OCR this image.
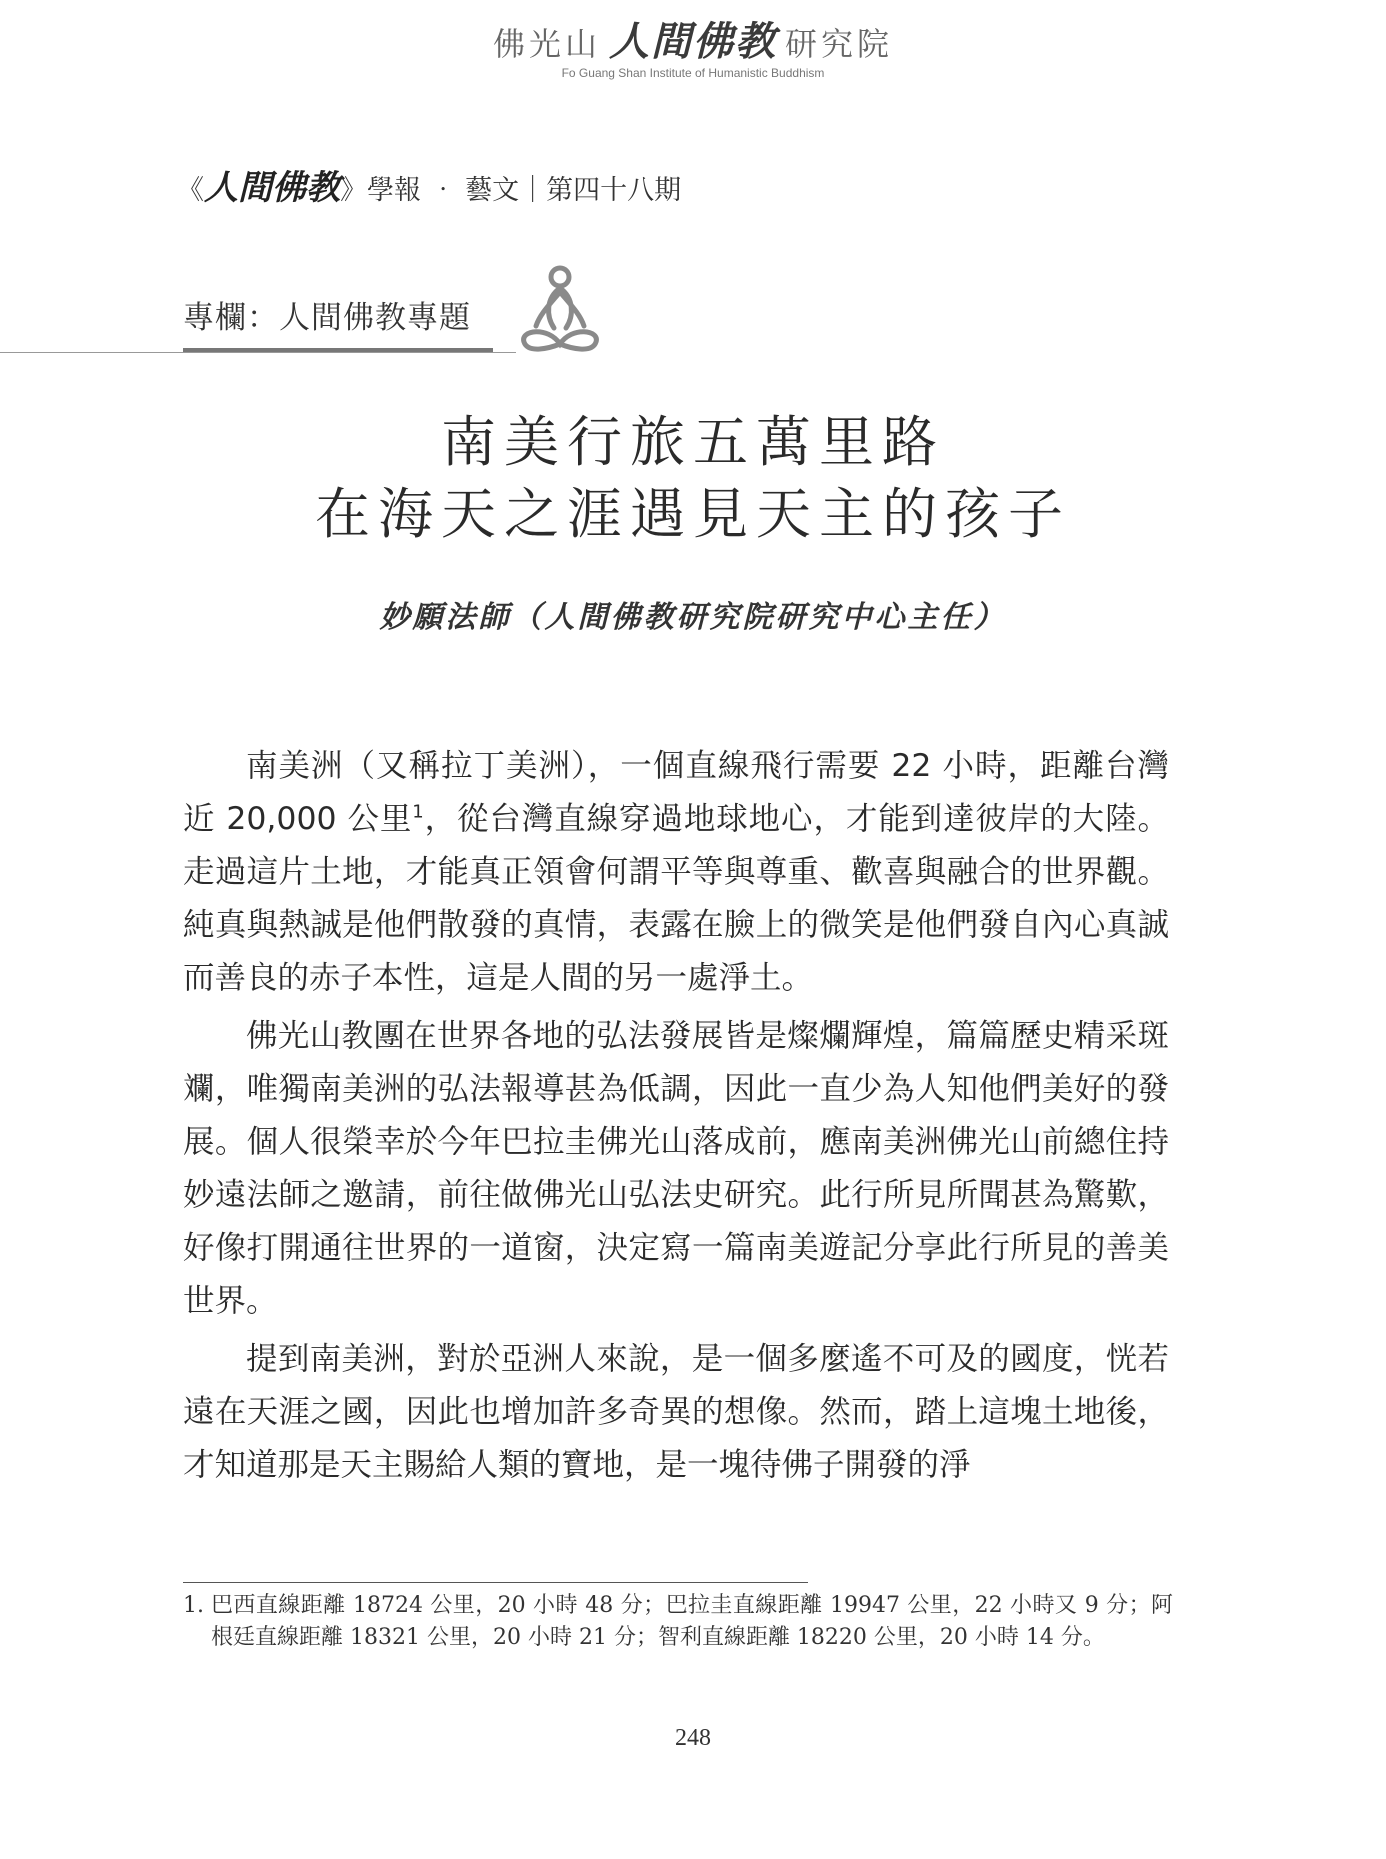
佛光山 人間佛教 研究院
Fo Guang Shan Institute of Humanistic Buddhism
《人間佛教》學報 ‧ 藝文｜第四十八期
專欄：人間佛教專題
南美行旅五萬里路
在海天之涯遇見天主的孩子
妙願法師（人間佛教研究院研究中心主任）

南美洲（又稱拉丁美洲），一個直線飛行需要 22 小時，距離台灣近 20,000 公里$^1$，從台灣直線穿過地球地心，才能到達彼岸的大陸。走過這片土地，才能真正領會何謂平等與尊重、歡喜與融合的世界觀。純真與熱誠是他們散發的真情，表露在臉上的微笑是他們發自內心真誠而善良的赤子本性，這是人間的另一處淨土。

佛光山教團在世界各地的弘法發展皆是燦爛輝煌，篇篇歷史精采斑斕，唯獨南美洲的弘法報導甚為低調，因此一直少為人知他們美好的發展。個人很榮幸於今年巴拉圭佛光山落成前，應南美洲佛光山前總住持妙遠法師之邀請，前往做佛光山弘法史研究。此行所見所聞甚為驚歎，好像打開通往世界的一道窗，決定寫一篇南美遊記分享此行所見的善美世界。

提到南美洲，對於亞洲人來說，是一個多麼遙不可及的國度，恍若遠在天涯之國，因此也增加許多奇異的想像。然而，踏上這塊土地後，才知道那是天主賜給人類的寶地，是一塊待佛子開發的淨

1. 巴西直線距離 18724 公里，20 小時 48 分；巴拉圭直線距離 19947 公里，22 小時又 9 分；阿根廷直線距離 18321 公里，20 小時 21 分；智利直線距離 18220 公里，20 小時 14 分。
248
